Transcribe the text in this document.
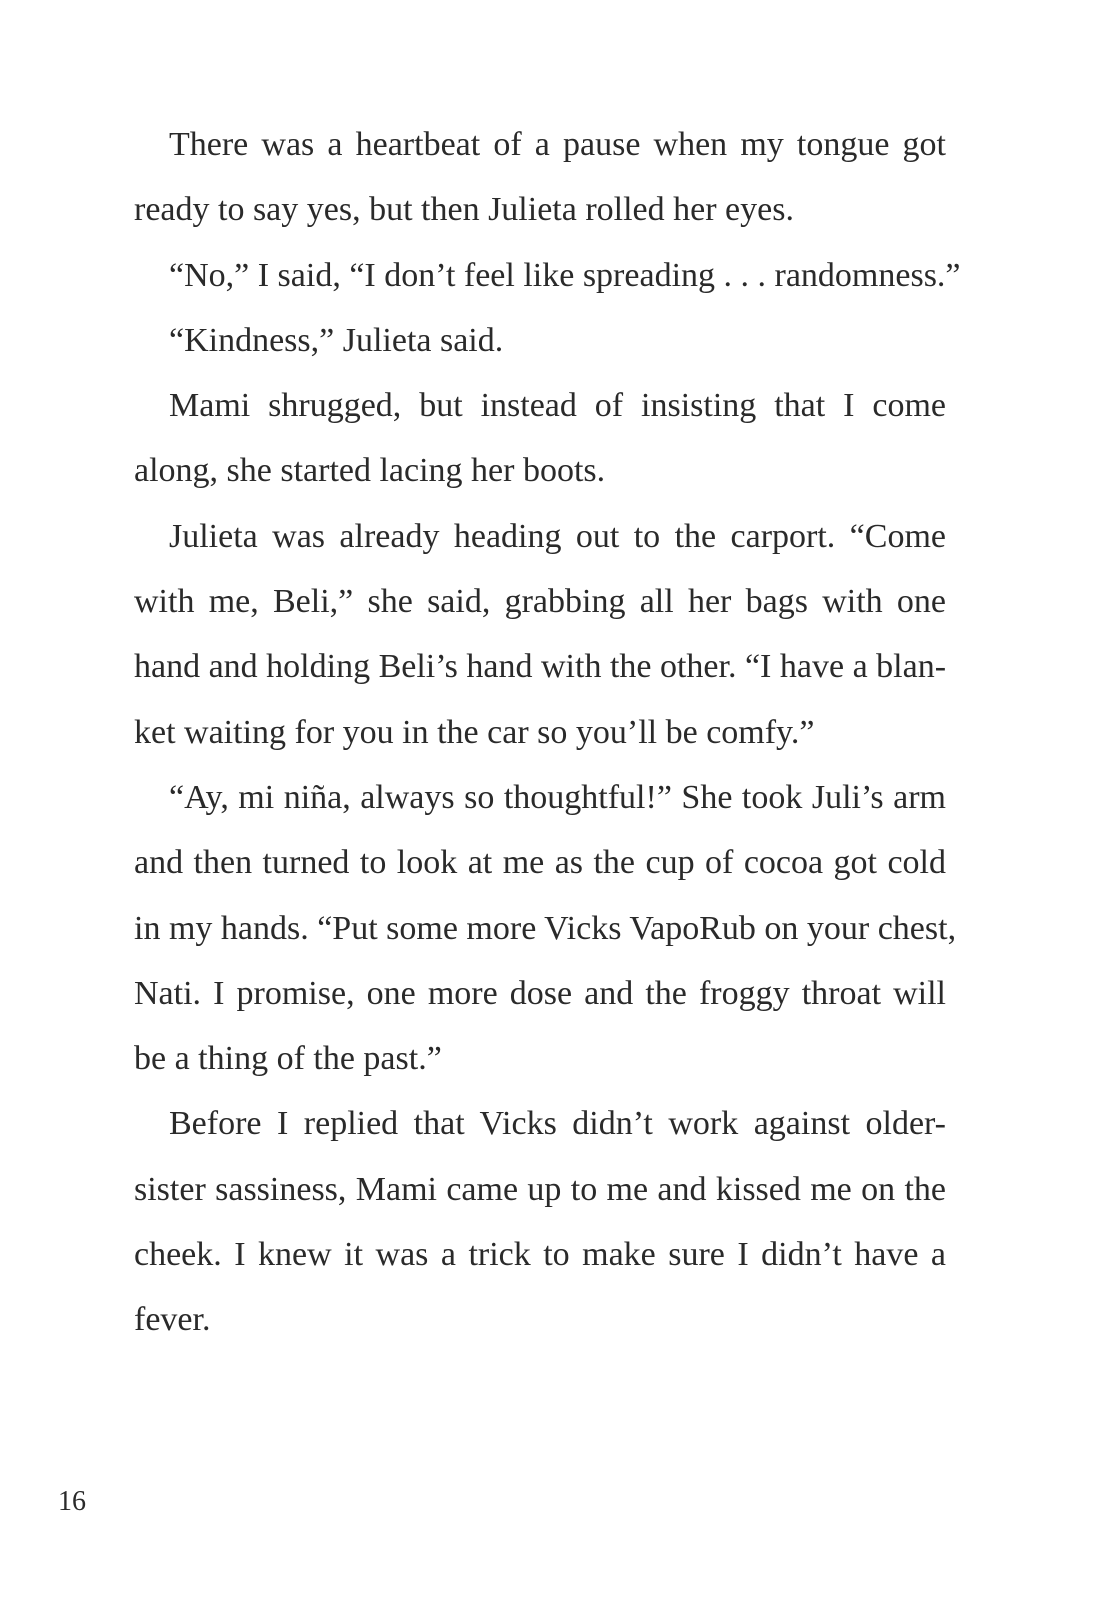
There was a heartbeat of a pause when my tongue got
ready to say yes, but then Julieta rolled her eyes.
“No,” I said, “I don’t feel like spreading . . . randomness.”
“Kindness,” Julieta said.
Mami shrugged, but instead of insisting that I come
along, she started lacing her boots.
Julieta was already heading out to the carport. “Come
with me, Beli,” she said, grabbing all her bags with one
hand and holding Beli’s hand with the other. “I have a blan-
ket waiting for you in the car so you’ll be comfy.”
“Ay, mi niña, always so thoughtful!” She took Juli’s arm
and then turned to look at me as the cup of cocoa got cold
in my hands. “Put some more Vicks VapoRub on your chest,
Nati. I promise, one more dose and the froggy throat will
be a thing of the past.”
Before I replied that Vicks didn’t work against older-
sister sassiness, Mami came up to me and kissed me on the
cheek. I knew it was a trick to make sure I didn’t have a
fever.
16
